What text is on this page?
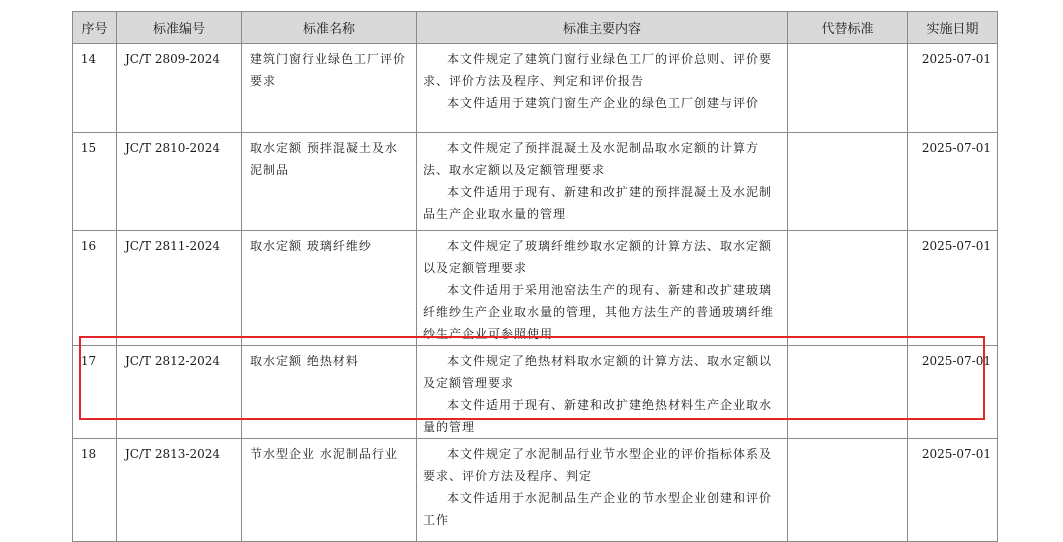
序号	标准编号	标准名称	标准主要内容	代替标准	实施日期
14	JC/T 2809-2024	建筑门窗行业绿色工厂评价要求	本文件规定了建筑门窗行业绿色工厂的评价总则、评价要求、评价方法及程序、判定和评价报告

本文件适用于建筑门窗生产企业的绿色工厂创建与评价		2025-07-01
15	JC/T 2810-2024	取水定额 预拌混凝土及水泥制品	本文件规定了预拌混凝土及水泥制品取水定额的计算方法、取水定额以及定额管理要求

本文件适用于现有、新建和改扩建的预拌混凝土及水泥制品生产企业取水量的管理		2025-07-01
16	JC/T 2811-2024	取水定额 玻璃纤维纱	本文件规定了玻璃纤维纱取水定额的计算方法、取水定额以及定额管理要求

本文件适用于采用池窑法生产的现有、新建和改扩建玻璃纤维纱生产企业取水量的管理，其他方法生产的普通玻璃纤维纱生产企业可参照使用		2025-07-01
17	JC/T 2812-2024	取水定额 绝热材料	本文件规定了绝热材料取水定额的计算方法、取水定额以及定额管理要求

本文件适用于现有、新建和改扩建绝热材料生产企业取水量的管理		2025-07-01
18	JC/T 2813-2024	节水型企业 水泥制品行业	本文件规定了水泥制品行业节水型企业的评价指标体系及要求、评价方法及程序、判定

本文件适用于水泥制品生产企业的节水型企业创建和评价工作		2025-07-01
